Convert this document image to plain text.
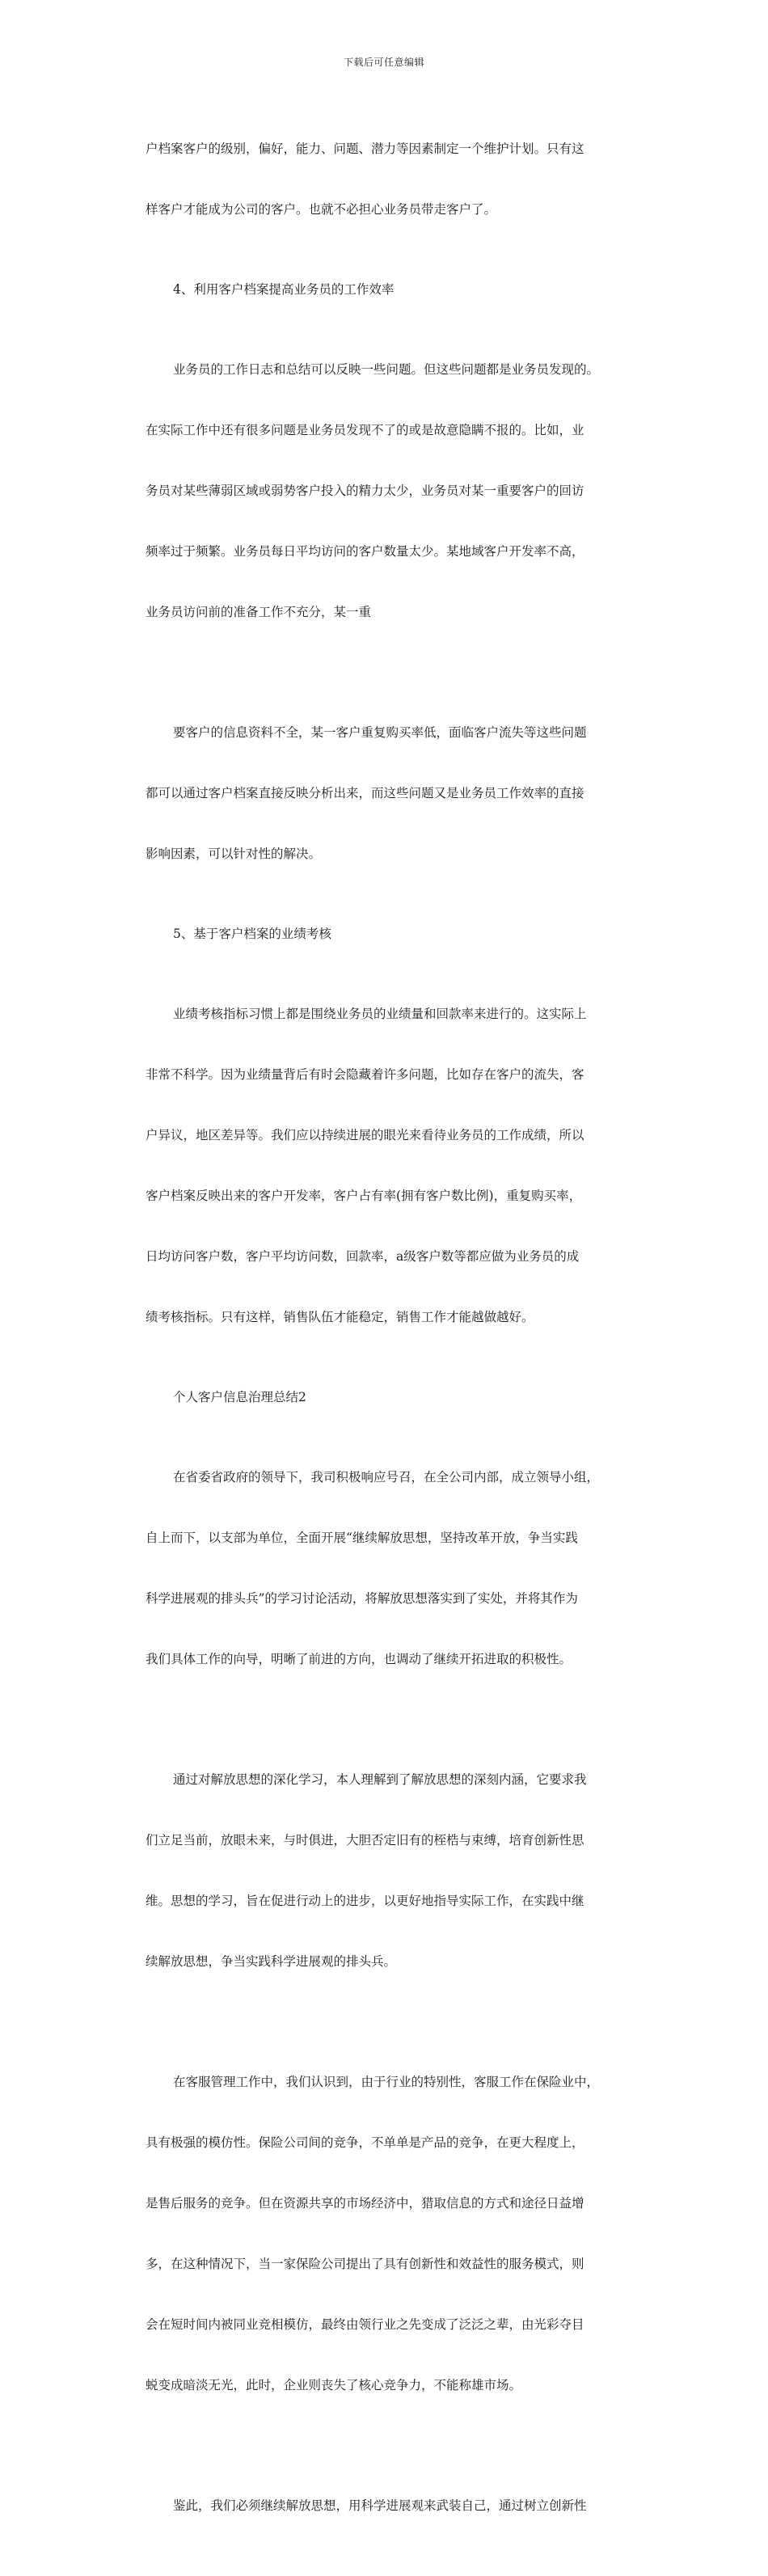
下载后可任意编辑

户档案客户的级别，偏好，能力、问题、潜力等因素制定一个维护计划。只有这

样客户才能成为公司的客户。也就不必担心业务员带走客户了。

4、利用客户档案提高业务员的工作效率

业务员的工作日志和总结可以反映一些问题。但这些问题都是业务员发现的。

在实际工作中还有很多问题是业务员发现不了的或是故意隐瞒不报的。比如，业

务员对某些薄弱区域或弱势客户投入的精力太少，业务员对某一重要客户的回访

频率过于频繁。业务员每日平均访问的客户数量太少。某地域客户开发率不高，

业务员访问前的准备工作不充分，某一重

要客户的信息资料不全，某一客户重复购买率低，面临客户流失等这些问题

都可以通过客户档案直接反映分析出来，而这些问题又是业务员工作效率的直接

影响因素，可以针对性的解决。

5、基于客户档案的业绩考核

业绩考核指标习惯上都是围绕业务员的业绩量和回款率来进行的。这实际上

非常不科学。因为业绩量背后有时会隐藏着许多问题，比如存在客户的流失，客

户异议，地区差异等。我们应以持续进展的眼光来看待业务员的工作成绩，所以

客户档案反映出来的客户开发率，客户占有率(拥有客户数比例)，重复购买率，

日均访问客户数，客户平均访问数，回款率，a级客户数等都应做为业务员的成

绩考核指标。只有这样，销售队伍才能稳定，销售工作才能越做越好。

个人客户信息治理总结2

在省委省政府的领导下，我司积极响应号召，在全公司内部，成立领导小组，

自上而下，以支部为单位，全面开展“继续解放思想，坚持改革开放，争当实践

科学进展观的排头兵”的学习讨论活动，将解放思想落实到了实处，并将其作为

我们具体工作的向导，明晰了前进的方向，也调动了继续开拓进取的积极性。

通过对解放思想的深化学习，本人理解到了解放思想的深刻内涵，它要求我

们立足当前，放眼未来，与时俱进，大胆否定旧有的桎梏与束缚，培育创新性思

维。思想的学习，旨在促进行动上的进步，以更好地指导实际工作，在实践中继

续解放思想，争当实践科学进展观的排头兵。

在客服管理工作中，我们认识到，由于行业的特别性，客服工作在保险业中，

具有极强的模仿性。保险公司间的竞争，不单单是产品的竞争，在更大程度上，

是售后服务的竞争。但在资源共享的市场经济中，猎取信息的方式和途径日益增

多，在这种情况下，当一家保险公司提出了具有创新性和效益性的服务模式，则

会在短时间内被同业竞相模仿，最终由领行业之先变成了泛泛之辈，由光彩夺目

蜕变成暗淡无光，此时，企业则丧失了核心竞争力，不能称雄市场。

鉴此，我们必须继续解放思想，用科学进展观来武装自己，通过树立创新性
